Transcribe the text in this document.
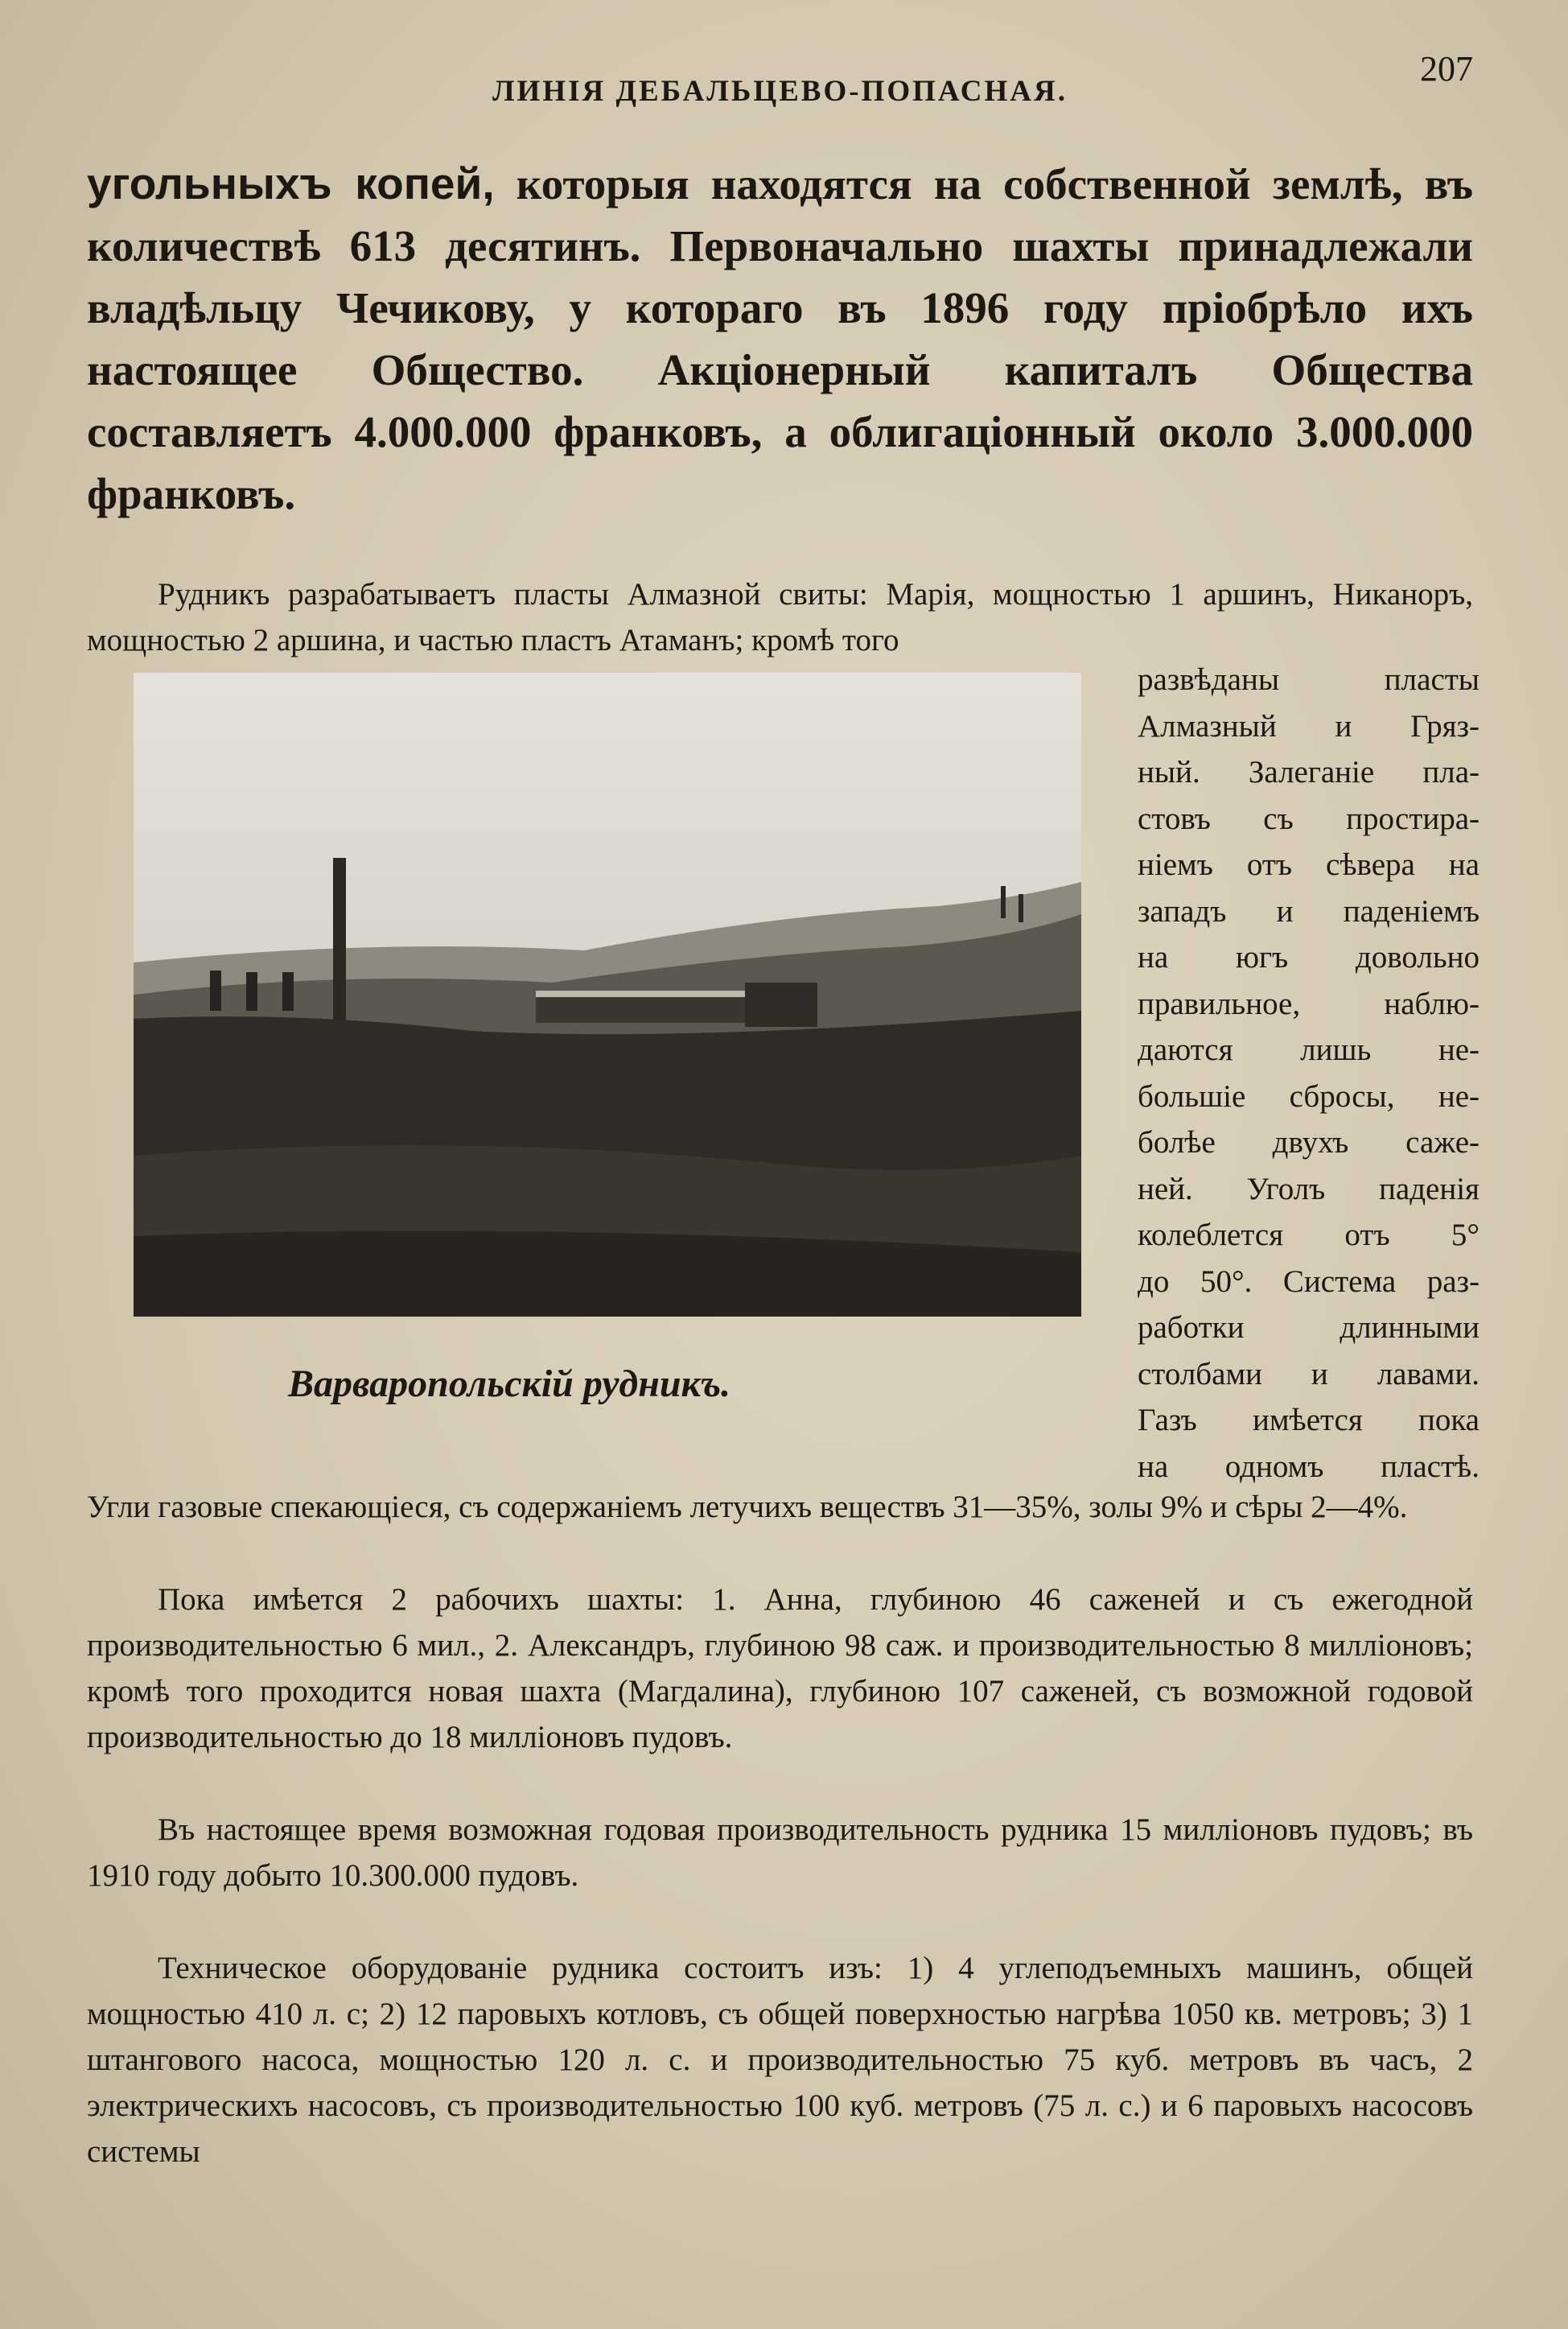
ЛИНІЯ ДЕБАЛЬЦЕВО-ПОПАСНАЯ.
207
угольныхъ копей, которыя находятся на собственной землѣ, въ количествѣ 613 десятинъ. Первоначально шахты принадлежали владѣльцу Чечикову, у котораго въ 1896 году пріобрѣло ихъ настоящее Общество. Акціонерный капиталъ Общества составляетъ 4.000.000 франковъ, а облигаціонный около 3.000.000 франковъ.

Рудникъ разрабатываетъ пласты Алмазной свиты: Марія, мощностью 1 аршинъ, Никаноръ, мощностью 2 аршина, и частью пластъ Атаманъ; кромѣ того

Варваропольскій рудникъ.
развѣданы пласты
Алмазный и Гряз-
ный. Залеганіе пла-
стовъ съ простира-
ніемъ отъ сѣвера на
западъ и паденіемъ
на югъ довольно
правильное, наблю-
даются лишь не-
большіе сбросы, не-
болѣе двухъ саже-
ней. Уголъ паденія
колеблется отъ 5°
до 50°. Система раз-
работки длинными
столбами и лавами.
Газъ имѣется пока
на одномъ пластѣ.

Угли газовые спекающіеся, съ содержаніемъ летучихъ веществъ 31—35%, золы 9% и сѣры 2—4%.

Пока имѣется 2 рабочихъ шахты: 1. Анна, глубиною 46 саженей и съ ежегодной производительностью 6 мил., 2. Александръ, глубиною 98 саж. и производительностью 8 милліоновъ; кромѣ того проходится новая шахта (Магдалина), глубиною 107 саженей, съ возможной годовой производительностью до 18 милліоновъ пудовъ.

Въ настоящее время возможная годовая производительность рудника 15 милліоновъ пудовъ; въ 1910 году добыто 10.300.000 пудовъ.

Техническое оборудованіе рудника состоитъ изъ: 1) 4 углеподъемныхъ машинъ, общей мощностью 410 л. с; 2) 12 паровыхъ котловъ, съ общей поверхностью нагрѣва 1050 кв. метровъ; 3) 1 штангового насоса, мощностью 120 л. с. и производительностью 75 куб. метровъ въ часъ, 2 электрическихъ насосовъ, съ производительностью 100 куб. метровъ (75 л. с.) и 6 паровыхъ насосовъ системы
